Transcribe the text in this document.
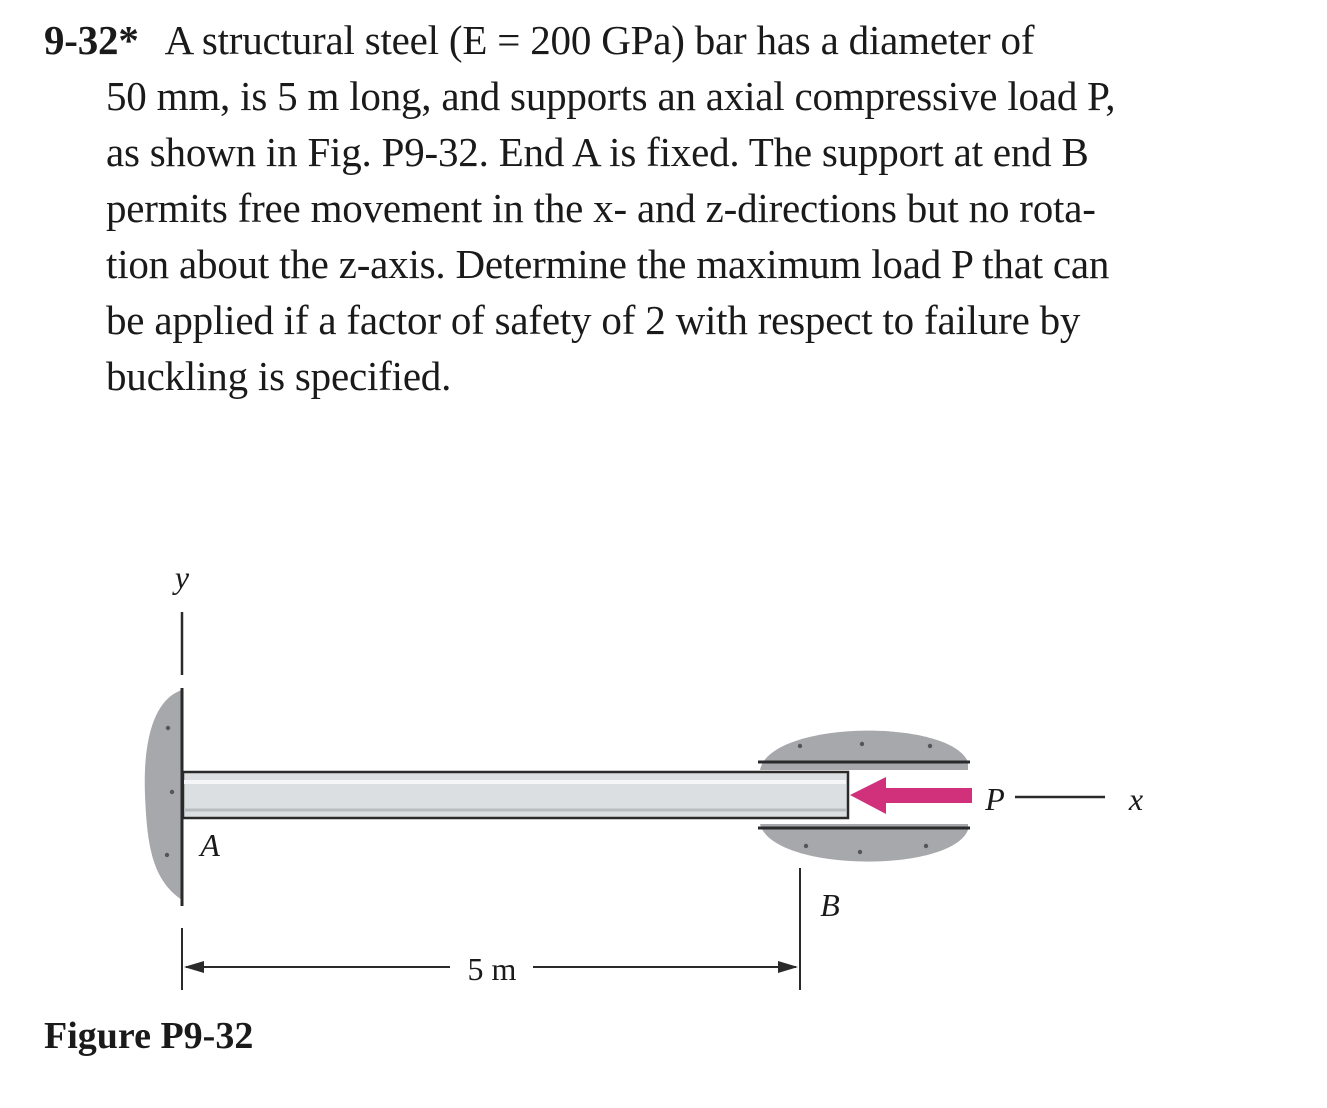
9-32* A structural steel (E = 200 GPa) bar has a diameter of
50 mm, is 5 m long, and supports an axial compressive load P,
as shown in Fig. P9-32. End A is fixed. The support at end B
permits free movement in the x- and z-directions but no rota-
tion about the z-axis. Determine the maximum load P that can
be applied if a factor of safety of 2 with respect to failure by
buckling is specified.
y
P	x
A
B
5 m
Figure P9-32
